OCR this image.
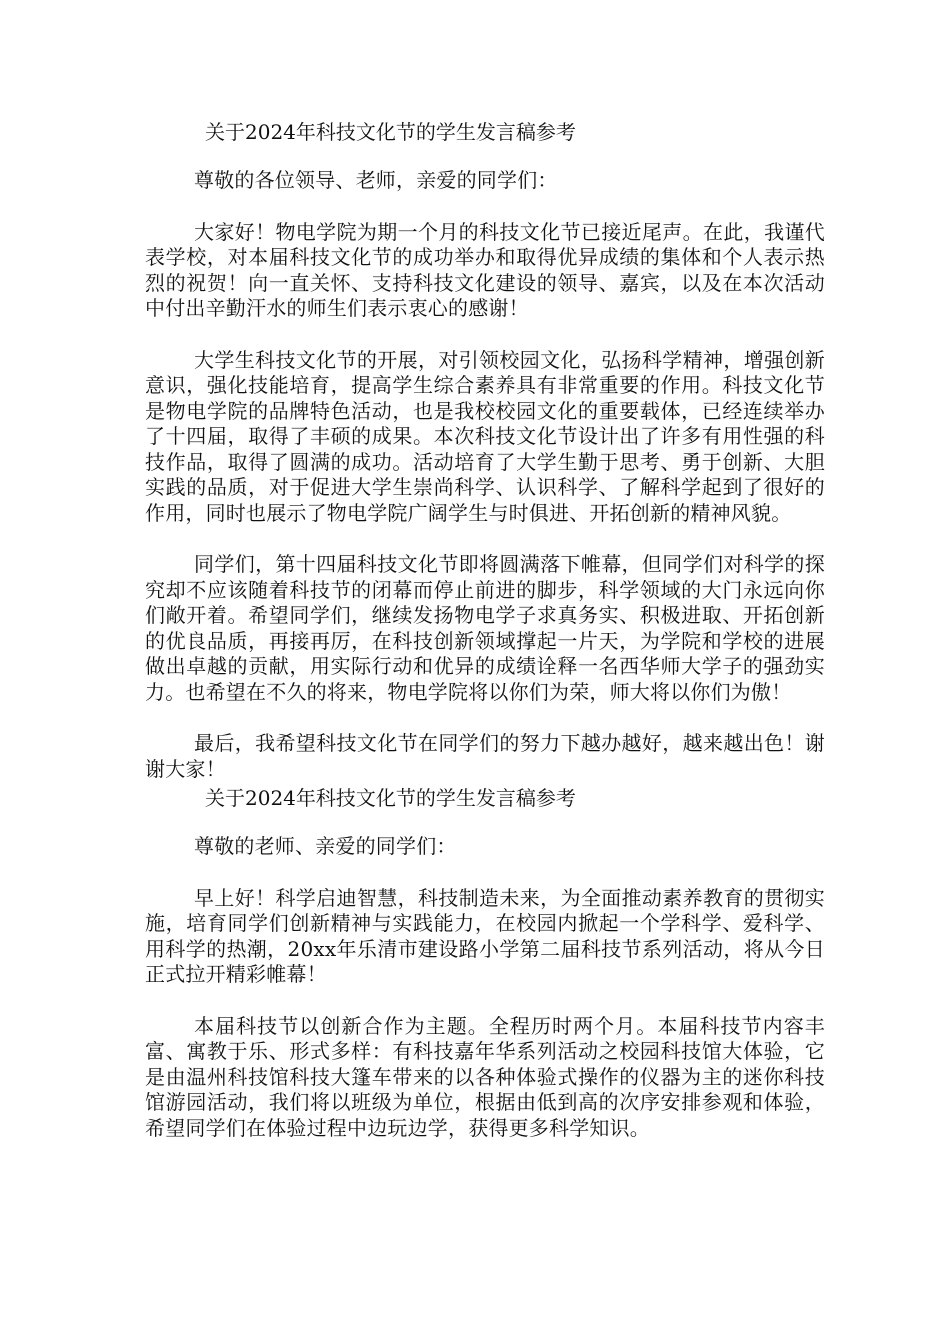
关于2024年科技文化节的学生发言稿参考

尊敬的各位领导、老师，亲爱的同学们：

大家好！物电学院为期一个月的科技文化节已接近尾声。在此，我谨代表学校，对本届科技文化节的成功举办和取得优异成绩的集体和个人表示热烈的祝贺！向一直关怀、支持科技文化建设的领导、嘉宾，以及在本次活动中付出辛勤汗水的师生们表示衷心的感谢！

大学生科技文化节的开展，对引领校园文化，弘扬科学精神，增强创新意识，强化技能培育，提高学生综合素养具有非常重要的作用。科技文化节是物电学院的品牌特色活动，也是我校校园文化的重要载体，已经连续举办了十四届，取得了丰硕的成果。本次科技文化节设计出了许多有用性强的科技作品，取得了圆满的成功。活动培育了大学生勤于思考、勇于创新、大胆实践的品质，对于促进大学生崇尚科学、认识科学、了解科学起到了很好的作用，同时也展示了物电学院广阔学生与时俱进、开拓创新的精神风貌。

同学们，第十四届科技文化节即将圆满落下帷幕，但同学们对科学的探究却不应该随着科技节的闭幕而停止前进的脚步，科学领域的大门永远向你们敞开着。希望同学们，继续发扬物电学子求真务实、积极进取、开拓创新的优良品质，再接再厉，在科技创新领域撑起一片天，为学院和学校的进展做出卓越的贡献，用实际行动和优异的成绩诠释一名西华师大学子的强劲实力。也希望在不久的将来，物电学院将以你们为荣，师大将以你们为傲！

最后，我希望科技文化节在同学们的努力下越办越好，越来越出色！谢谢大家！

关于2024年科技文化节的学生发言稿参考

尊敬的老师、亲爱的同学们：

早上好！科学启迪智慧，科技制造未来，为全面推动素养教育的贯彻实施，培育同学们创新精神与实践能力，在校园内掀起一个学科学、爱科学、用科学的热潮，20xx年乐清市建设路小学第二届科技节系列活动，将从今日正式拉开精彩帷幕！

本届科技节以创新合作为主题。全程历时两个月。本届科技节内容丰富、寓教于乐、形式多样：有科技嘉年华系列活动之校园科技馆大体验，它是由温州科技馆科技大篷车带来的以各种体验式操作的仪器为主的迷你科技馆游园活动，我们将以班级为单位，根据由低到高的次序安排参观和体验，希望同学们在体验过程中边玩边学，获得更多科学知识。
